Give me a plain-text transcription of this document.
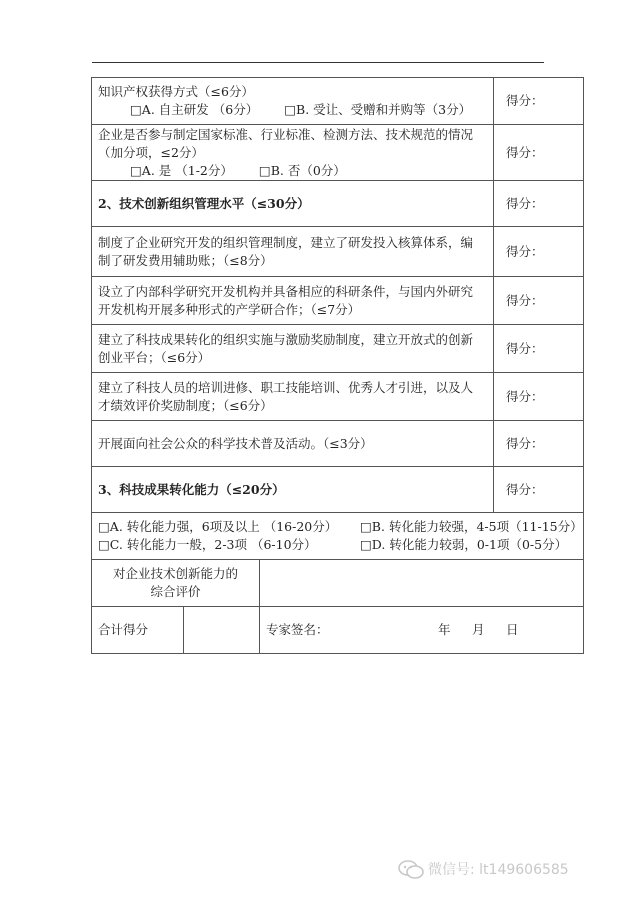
知识产权获得方式（≤6分）
□A. 自主研发 （6分） □B. 受让、受赠和并购等（3分）			得分：

企业是否参与制定国家标准、行业标准、检测方法、技术规范的情况
（加分项，≤2分）
□A. 是 （1-2分） □B. 否（0分）			得分：
2、技术创新组织管理水平（≤30分）			得分：

制度了企业研究开发的组织管理制度，建立了研发投入核算体系，编
制了研发费用辅助账；（≤8分）			得分：

设立了内部科学研究开发机构并具备相应的科研条件，与国内外研究
开发机构开展多种形式的产学研合作；（≤7分）			得分：

建立了科技成果转化的组织实施与激励奖励制度，建立开放式的创新
创业平台；（≤6分）			得分：

建立了科技人员的培训进修、职工技能培训、优秀人才引进，以及人
才绩效评价奖励制度；（≤6分）			得分：
开展面向社会公众的科学技术普及活动。（≤3分）			得分：
3、科技成果转化能力（≤20分）			得分：

□A. 转化能力强，6项及以上 （16-20分） □B. 转化能力较强，4-5项（11-15分）
□C. 转化能力一般，2-3项 （6-10分） □D. 转化能力较弱，0-1项（0-5分）			

对企业技术创新能力的
综合评价			

合计得分		专家签名： 年 月 日	
微信号: lt149606585
